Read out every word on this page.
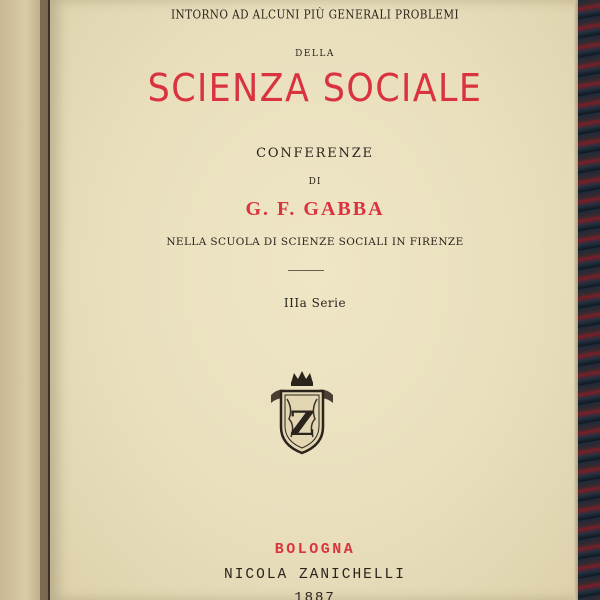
INTORNO AD ALCUNI PIÙ GENERALI PROBLEMI
DELLA
SCIENZA SOCIALE
CONFERENZE
DI
G. F. GABBA
NELLA SCUOLA DI SCIENZE SOCIALI IN FIRENZE
IIIa Serie
Z
BOLOGNA
NICOLA ZANICHELLI
1887
